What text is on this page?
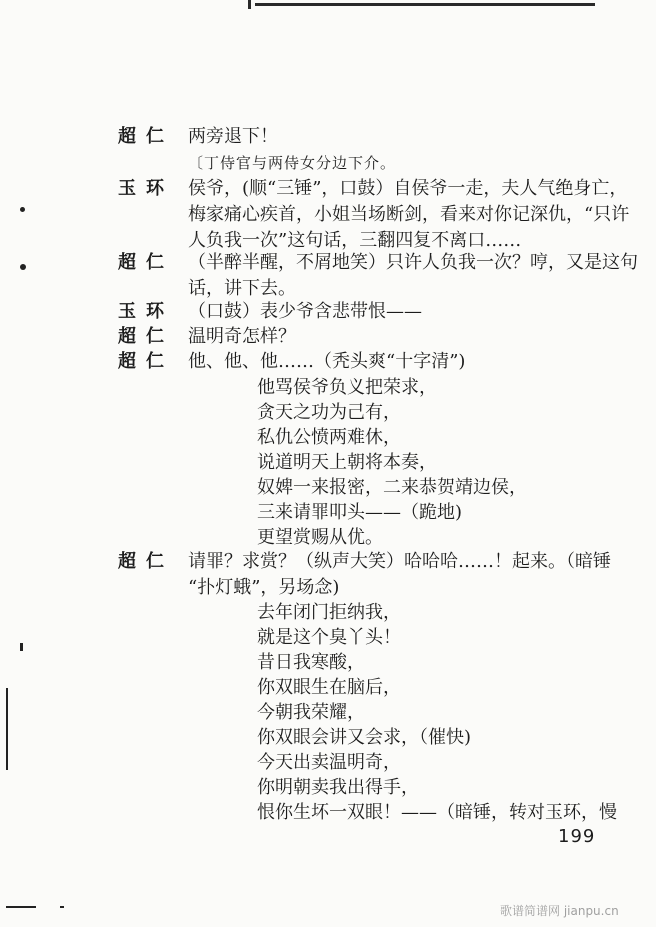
超仁 两旁退下！
〔丁侍官与两侍女分边下介。
玉环 侯爷，(顺“三锤”，口鼓）自侯爷一走，夫人气绝身亡，
梅家痛心疾首，小姐当场断剑，看来对你记深仇，“只许
人负我一次”这句话，三翻四复不离口……
超仁 （半醉半醒，不屑地笑）只许人负我一次？哼，又是这句
话，讲下去。
玉环 （口鼓）表少爷含悲带恨——
超仁 温明奇怎样？
超仁 他、他、他……（秃头爽“十字清”)
他骂侯爷负义把荣求，
贪天之功为己有，
私仇公愤两难休，
说道明天上朝将本奏，
奴婢一来报密，二来恭贺靖边侯，
三来请罪叩头——（跪地)
更望赏赐从优。
超仁 请罪？求赏？（纵声大笑）哈哈哈……！起来。（暗锤
“扑灯蛾”，另场念)
去年闭门拒纳我，
就是这个臭丫头！
昔日我寒酸，
你双眼生在脑后，
今朝我荣耀，
你双眼会讲又会求，（催快)
今天出卖温明奇，
你明朝卖我出得手，
恨你生坏一双眼！——（暗锤，转对玉环，慢
199
歌谱简谱网 jianpu.cn
